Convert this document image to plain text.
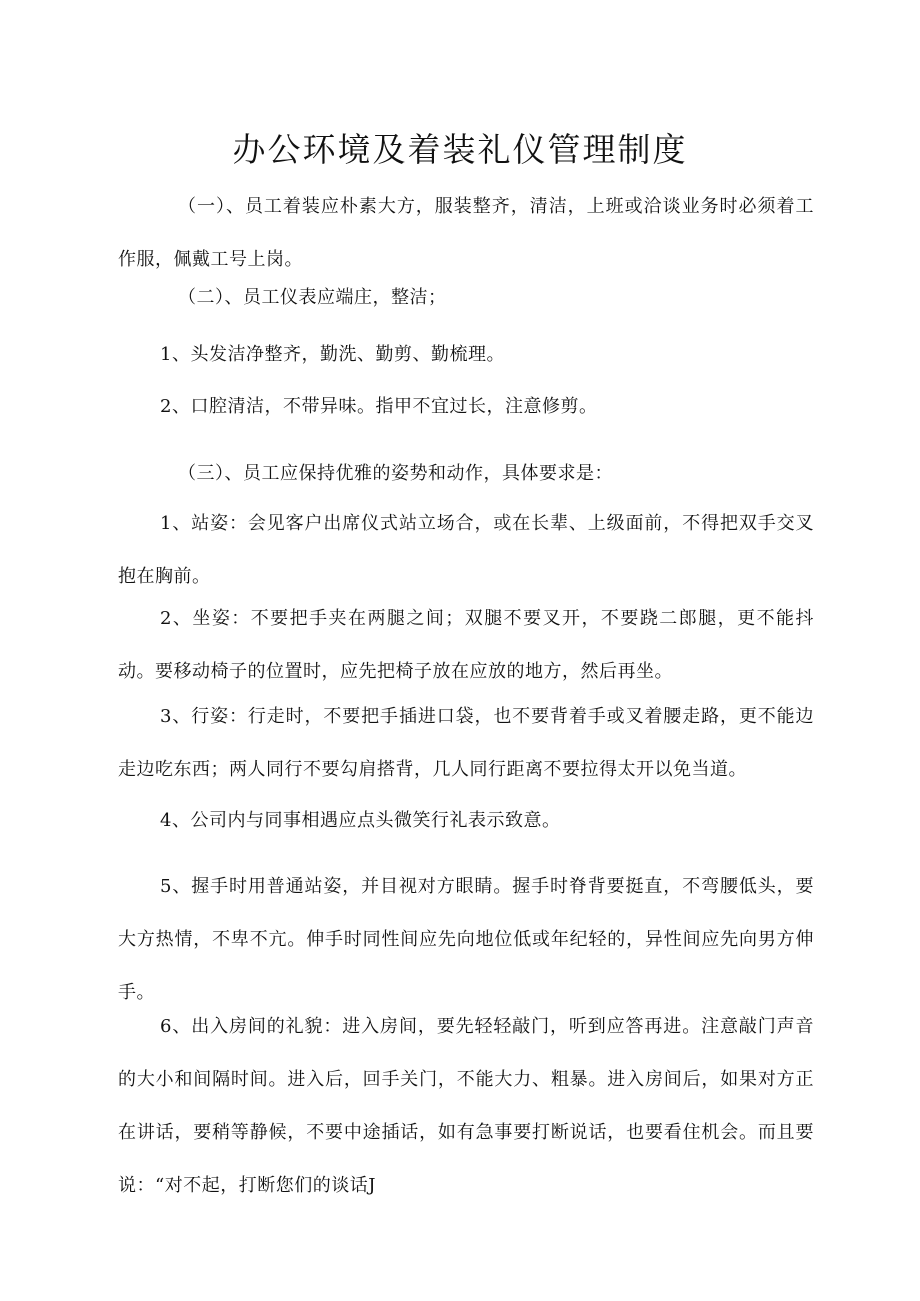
办公环境及着装礼仪管理制度

（一）、员工着装应朴素大方，服装整齐，清洁，上班或洽谈业务时必须着工作服，佩戴工号上岗。

（二）、员工仪表应端庄，整洁；

1、头发洁净整齐，勤洗、勤剪、勤梳理。

2、口腔清洁，不带异味。指甲不宜过长，注意修剪。

（三）、员工应保持优雅的姿势和动作，具体要求是：

1、站姿：会见客户出席仪式站立场合，或在长辈、上级面前，不得把双手交叉抱在胸前。

2、坐姿：不要把手夹在两腿之间；双腿不要叉开，不要跷二郎腿，更不能抖动。要移动椅子的位置时，应先把椅子放在应放的地方，然后再坐。

3、行姿：行走时，不要把手插进口袋，也不要背着手或叉着腰走路，更不能边走边吃东西；两人同行不要勾肩搭背，几人同行距离不要拉得太开以免当道。

4、公司内与同事相遇应点头微笑行礼表示致意。

5、握手时用普通站姿，并目视对方眼睛。握手时脊背要挺直，不弯腰低头，要大方热情，不卑不亢。伸手时同性间应先向地位低或年纪轻的，异性间应先向男方伸手。

6、出入房间的礼貌：进入房间，要先轻轻敲门，听到应答再进。注意敲门声音的大小和间隔时间。进入后，回手关门，不能大力、粗暴。进入房间后，如果对方正在讲话，要稍等静候，不要中途插话，如有急事要打断说话，也要看住机会。而且要说：“对不起，打断您们的谈话J
